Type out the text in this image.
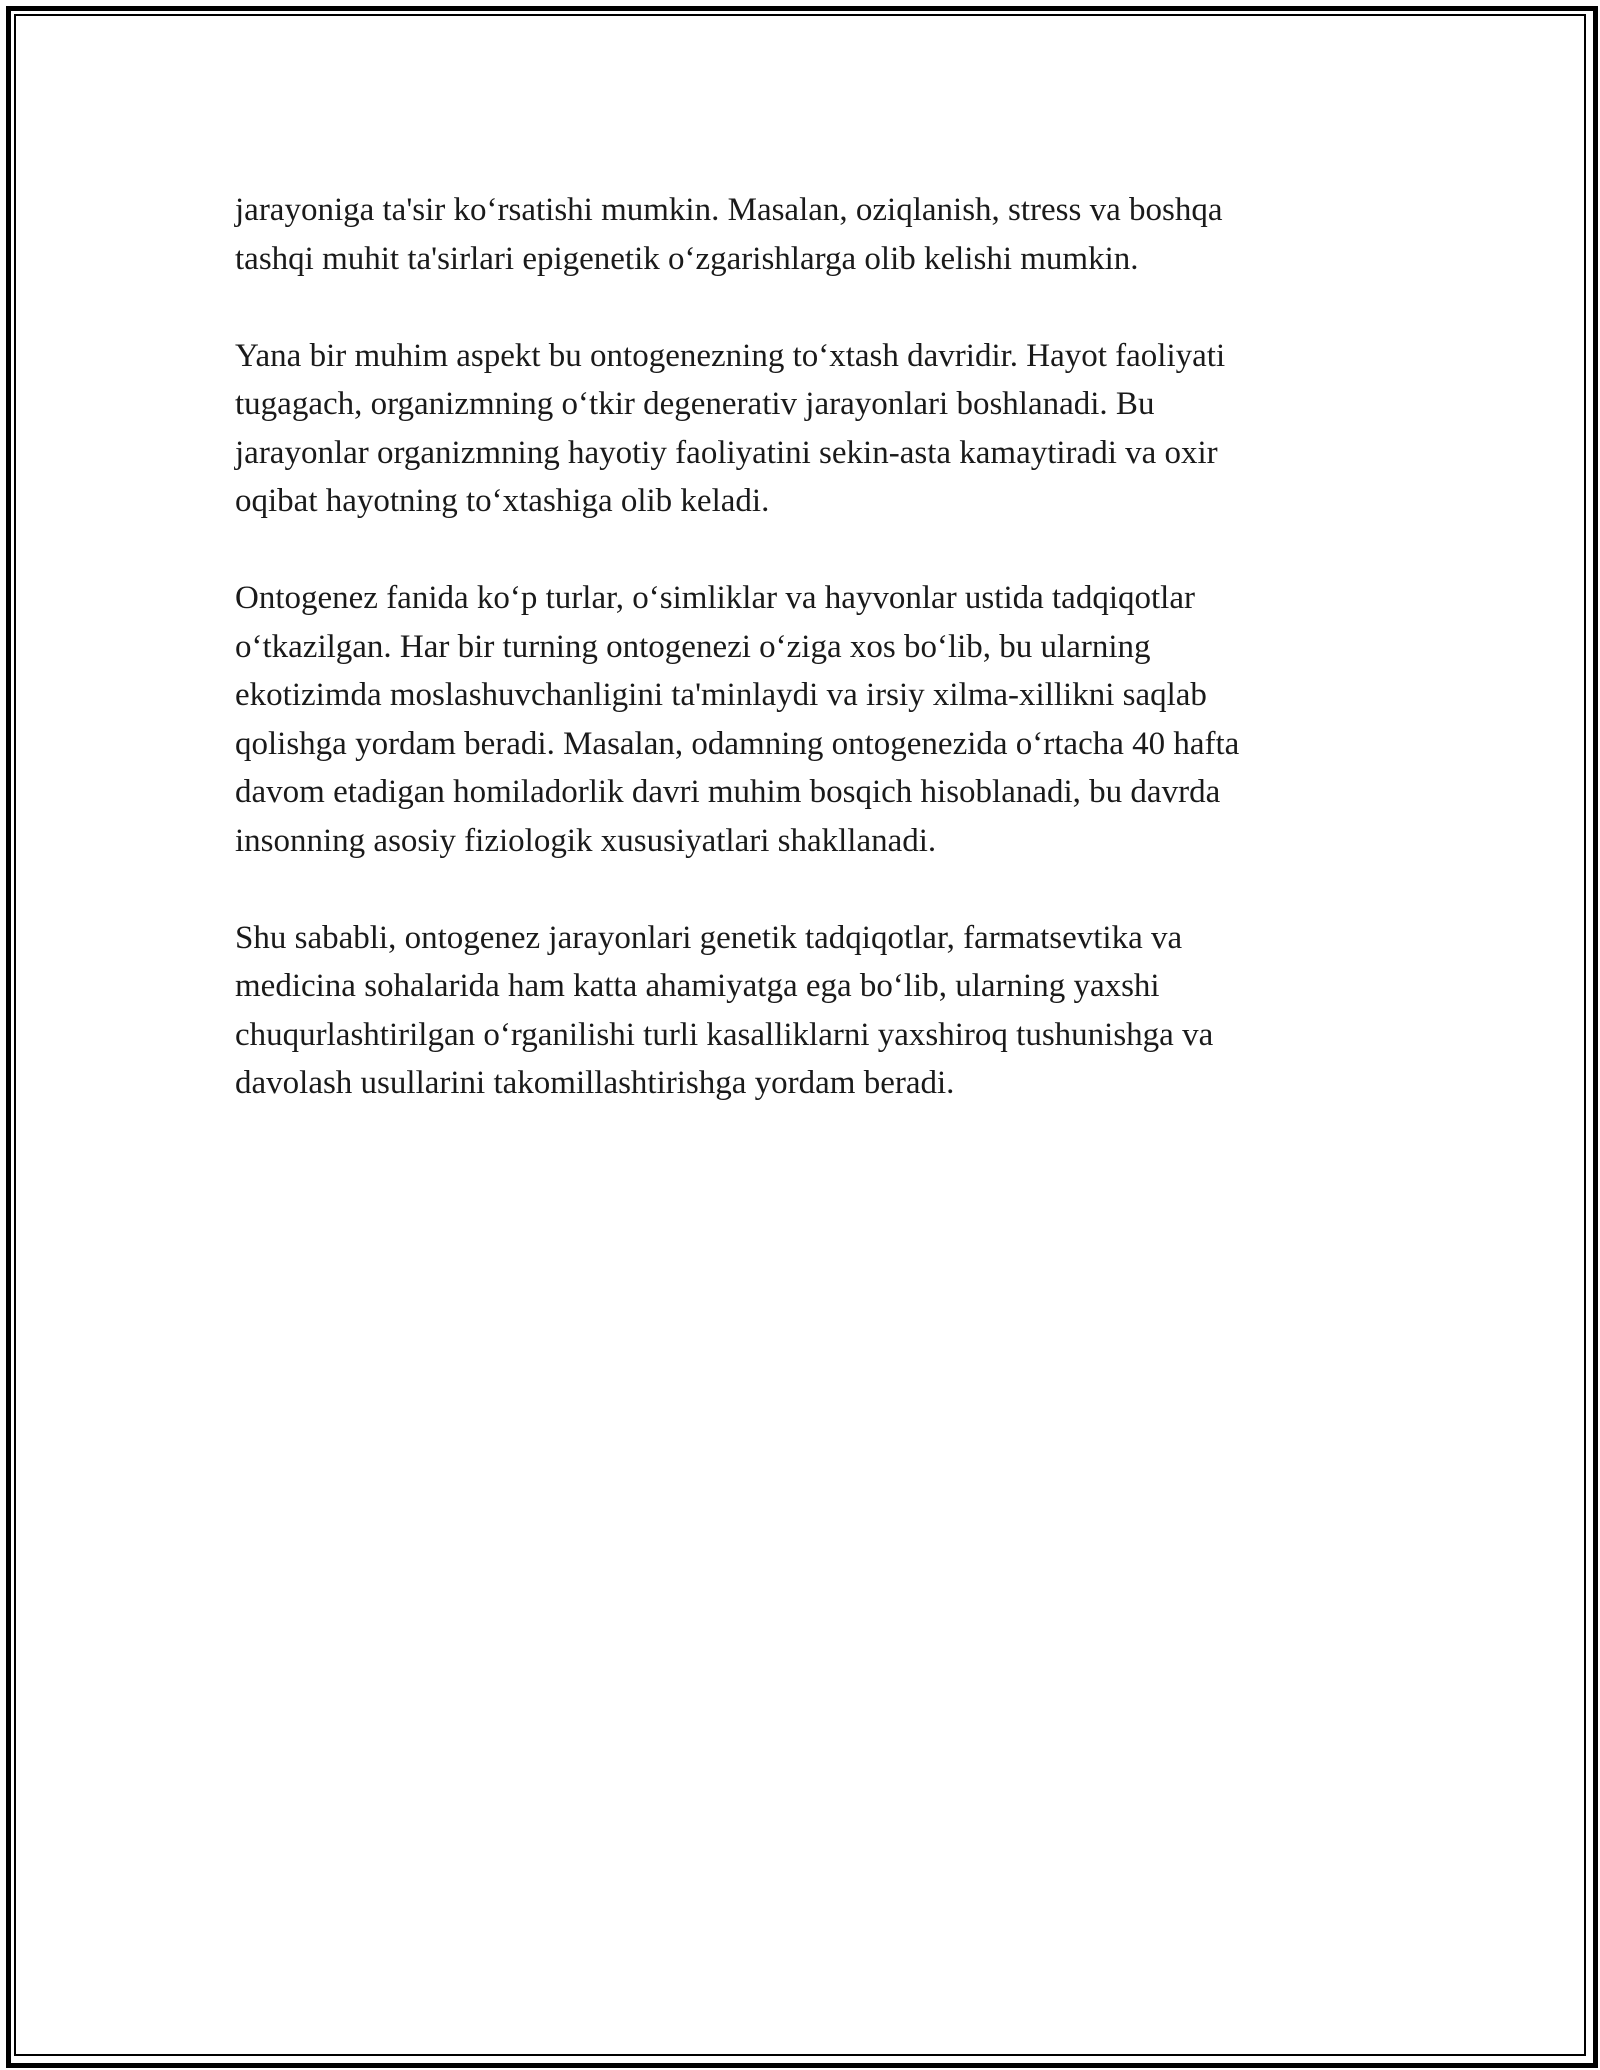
jarayoniga ta'sir ko‘rsatishi mumkin. Masalan, oziqlanish, stress va boshqa
tashqi muhit ta'sirlari epigenetik o‘zgarishlarga olib kelishi mumkin.

Yana bir muhim aspekt bu ontogenezning to‘xtash davridir. Hayot faoliyati
tugagach, organizmning o‘tkir degenerativ jarayonlari boshlanadi. Bu
jarayonlar organizmning hayotiy faoliyatini sekin-asta kamaytiradi va oxir
oqibat hayotning to‘xtashiga olib keladi.

Ontogenez fanida ko‘p turlar, o‘simliklar va hayvonlar ustida tadqiqotlar
o‘tkazilgan. Har bir turning ontogenezi o‘ziga xos bo‘lib, bu ularning
ekotizimda moslashuvchanligini ta'minlaydi va irsiy xilma-xillikni saqlab
qolishga yordam beradi. Masalan, odamning ontogenezida o‘rtacha 40 hafta
davom etadigan homiladorlik davri muhim bosqich hisoblanadi, bu davrda
insonning asosiy fiziologik xususiyatlari shakllanadi.

Shu sababli, ontogenez jarayonlari genetik tadqiqotlar, farmatsevtika va
medicina sohalarida ham katta ahamiyatga ega bo‘lib, ularning yaxshi
chuqurlashtirilgan o‘rganilishi turli kasalliklarni yaxshiroq tushunishga va
davolash usullarini takomillashtirishga yordam beradi.
